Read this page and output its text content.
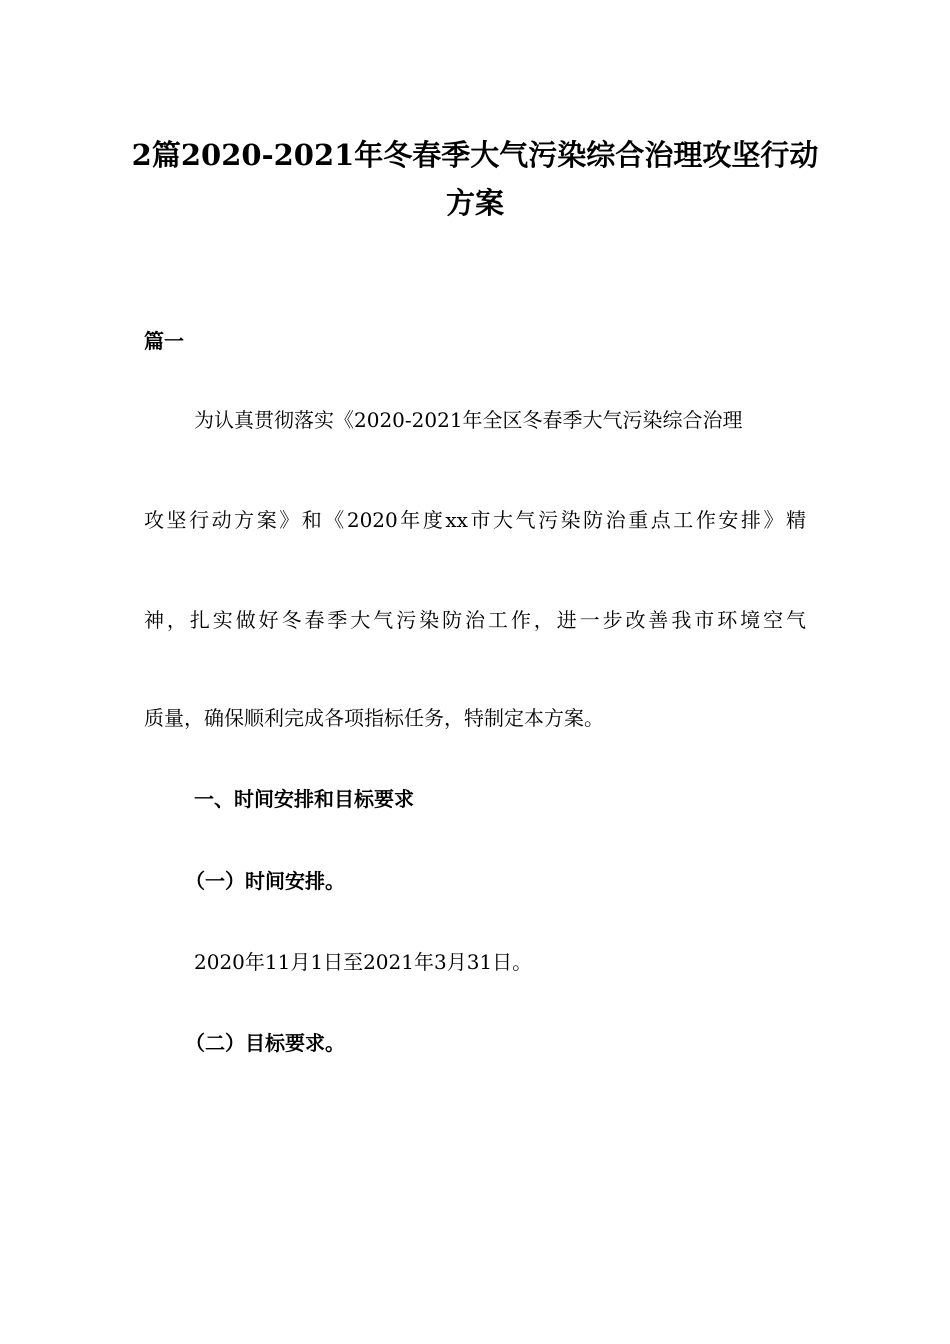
2篇2020-2021年冬春季大气污染综合治理攻坚行动

方案

篇一

为认真贯彻落实《2020-2021年全区冬春季大气污染综合治理

攻坚行动方案》和《2020年度xx市大气污染防治重点工作安排》精

神，扎实做好冬春季大气污染防治工作，进一步改善我市环境空气

质量，确保顺利完成各项指标任务，特制定本方案。

一、时间安排和目标要求

（一）时间安排。

2020年11月1日至2021年3月31日。

（二）目标要求。
